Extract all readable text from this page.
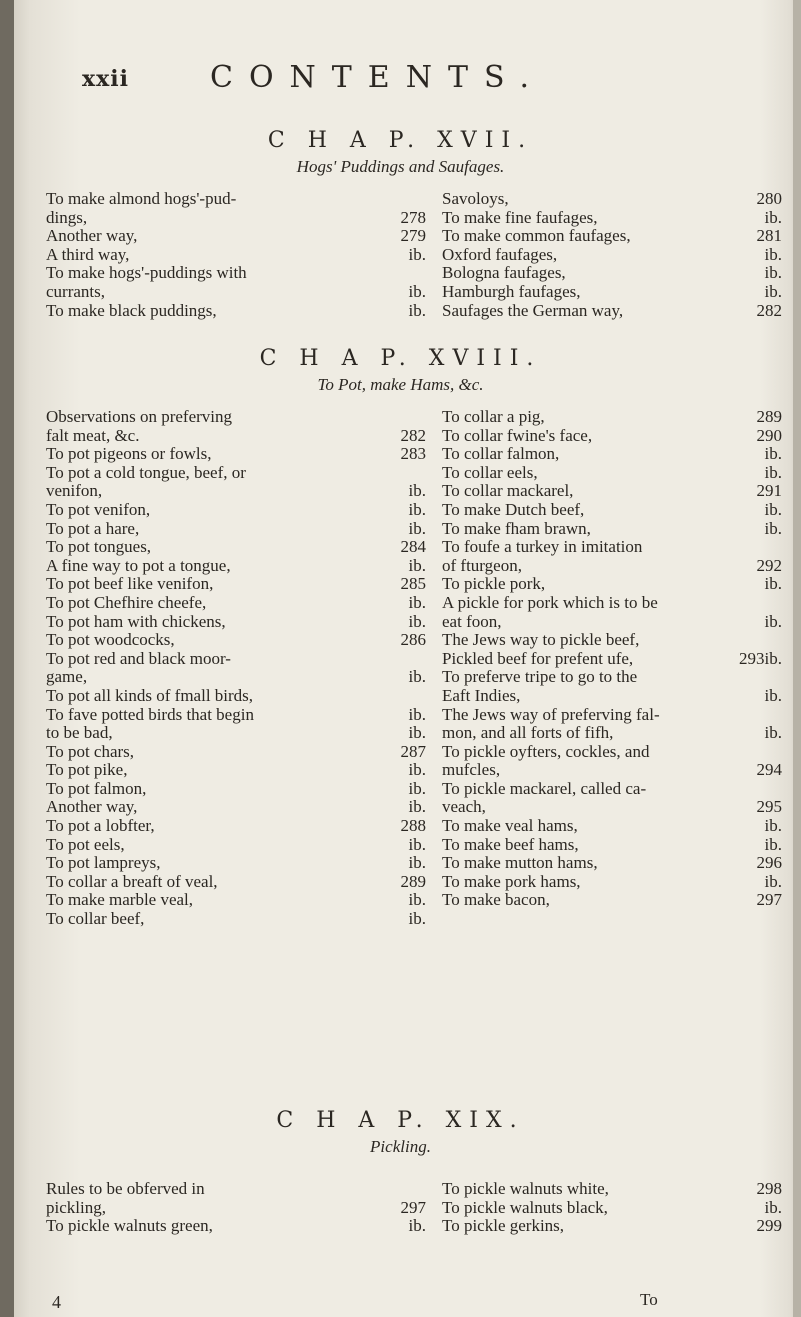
xxii	CONTENTS.
C H A P. XVII.
Hogs' Puddings and Saufages.
To make almond hogs'-pud-
278
dings,
279
Another way,
ib.
A third way,
To make hogs'-puddings with
ib.
currants,
ib.
To make black puddings,
280
Savoloys,
ib.
To make fine faufages,
281
To make common faufages,
ib.
Oxford faufages,
ib.
Bologna faufages,
ib.
Hamburgh faufages,
282
Saufages the German way,
C H A P. XVIII.
To Pot, make Hams, &c.
Observations on preferving
282
falt meat, &c.
283
To pot pigeons or fowls,
To pot a cold tongue, beef, or
ib.
venifon,
ib.
To pot venifon,
ib.
To pot a hare,
284
To pot tongues,
ib.
A fine way to pot a tongue,
285
To pot beef like venifon,
ib.
To pot Chefhire cheefe,
ib.
To pot ham with chickens,
286
To pot woodcocks,
To pot red and black moor-
ib.
game,
To pot all kinds of fmall birds,
ib.
To fave potted birds that begin
ib.
to be bad,
287
To pot chars,
ib.
To pot pike,
ib.
To pot falmon,
ib.
Another way,
288
To pot a lobfter,
ib.
To pot eels,
ib.
To pot lampreys,
289
To collar a breaft of veal,
ib.
To make marble veal,
ib.
To collar beef,
289
To collar a pig,
290
To collar fwine's face,
ib.
To collar falmon,
ib.
To collar eels,
291
To collar mackarel,
ib.
To make Dutch beef,
ib.
To make fham brawn,
To foufe a turkey in imitation
292
of fturgeon,
ib.
To pickle pork,
A pickle for pork which is to be
ib.
eat foon,
The Jews way to pickle beef,
ib.
293
Pickled beef for prefent ufe,
To preferve tripe to go to the
ib.
Eaft Indies,
The Jews way of preferving fal-
ib.
mon, and all forts of fifh,
To pickle oyfters, cockles, and
294
mufcles,
To pickle mackarel, called ca-
295
veach,
ib.
To make veal hams,
ib.
To make beef hams,
296
To make mutton hams,
ib.
To make pork hams,
297
To make bacon,
C H A P. XIX.
Pickling.
Rules to be obferved in
297
pickling,
ib.
To pickle walnuts green,
298
To pickle walnuts white,
ib.
To pickle walnuts black,
299
To pickle gerkins,
4	To
